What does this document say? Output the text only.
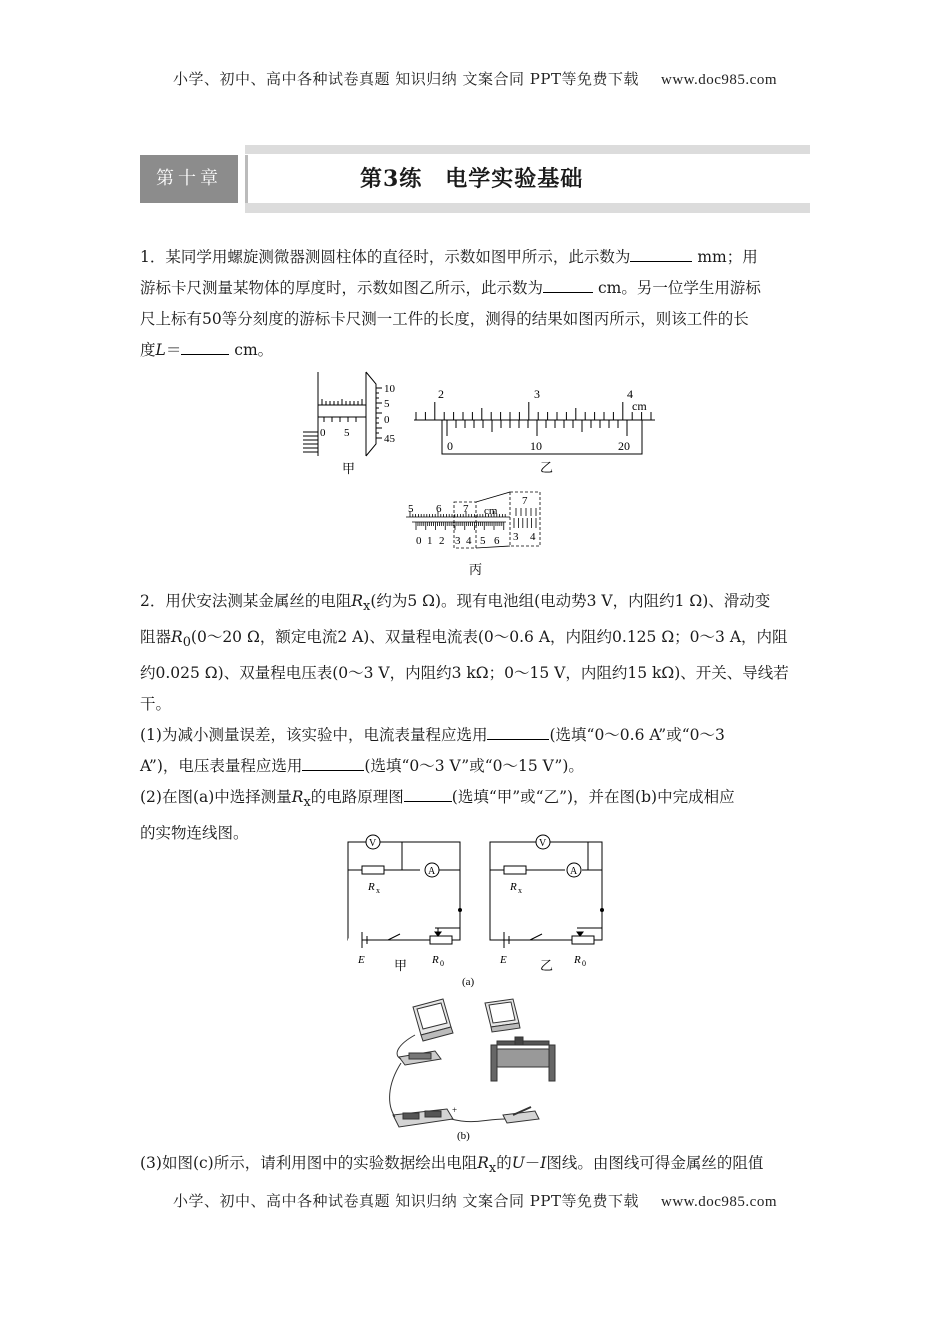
小学、初中、高中各种试卷真题 知识归纳 文案合同 PPT等免费下载 www.doc985.com
第十章	第3练　电学实验基础
1．某同学用螺旋测微器测圆柱体的直径时，示数如图甲所示，此示数为	mm；用
游标卡尺测量某物体的厚度时，示数如图乙所示，此示数为	cm。另一位学生用游标
尺上标有50等分刻度的游标卡尺测一工件的长度，测得的结果如图丙所示，则该工件的长
度L＝	cm。
10
5
0
45
0 5
甲
2	3	4
cm
0	10	20
乙
5 6 7 cm
0 1 2 3 4 5 6
7
3 4
丙
2．用伏安法测某金属丝的电阻$R_x$(约为5 Ω)。现有电池组(电动势3 V，内阻约1 Ω)、滑动变
阻器$R_0(0\sim 20$ Ω，额定电流2 A)、双量程电流表(0～0.6 A，内阻约0.125 Ω；0～3 A，内阻
约0.025 Ω)、双量程电压表(0～3 V，内阻约3 kΩ；0～15 V，内阻约15 kΩ)、开关、导线若
干。
(1)为减小测量误差，该实验中，电流表量程应选用	(选填“0～0.6 A”或“0～3
A”)，电压表量程应选用	(选填“0～3 V”或“0～15 V”)。
(2)在图(a)中选择测量$R_x$的电路原理图	(选填“甲”或“乙”)，并在图(b)中完成相应
的实物连线图。
V
A
R x
E	R 0
甲
V
A
R x
E	R 0
乙
(a)
+
(b)
(3)如图(c)所示，请利用图中的实验数据绘出电阻$R_x$的U－I图线。由图线可得金属丝的阻值
小学、初中、高中各种试卷真题 知识归纳 文案合同 PPT等免费下载 www.doc985.com
